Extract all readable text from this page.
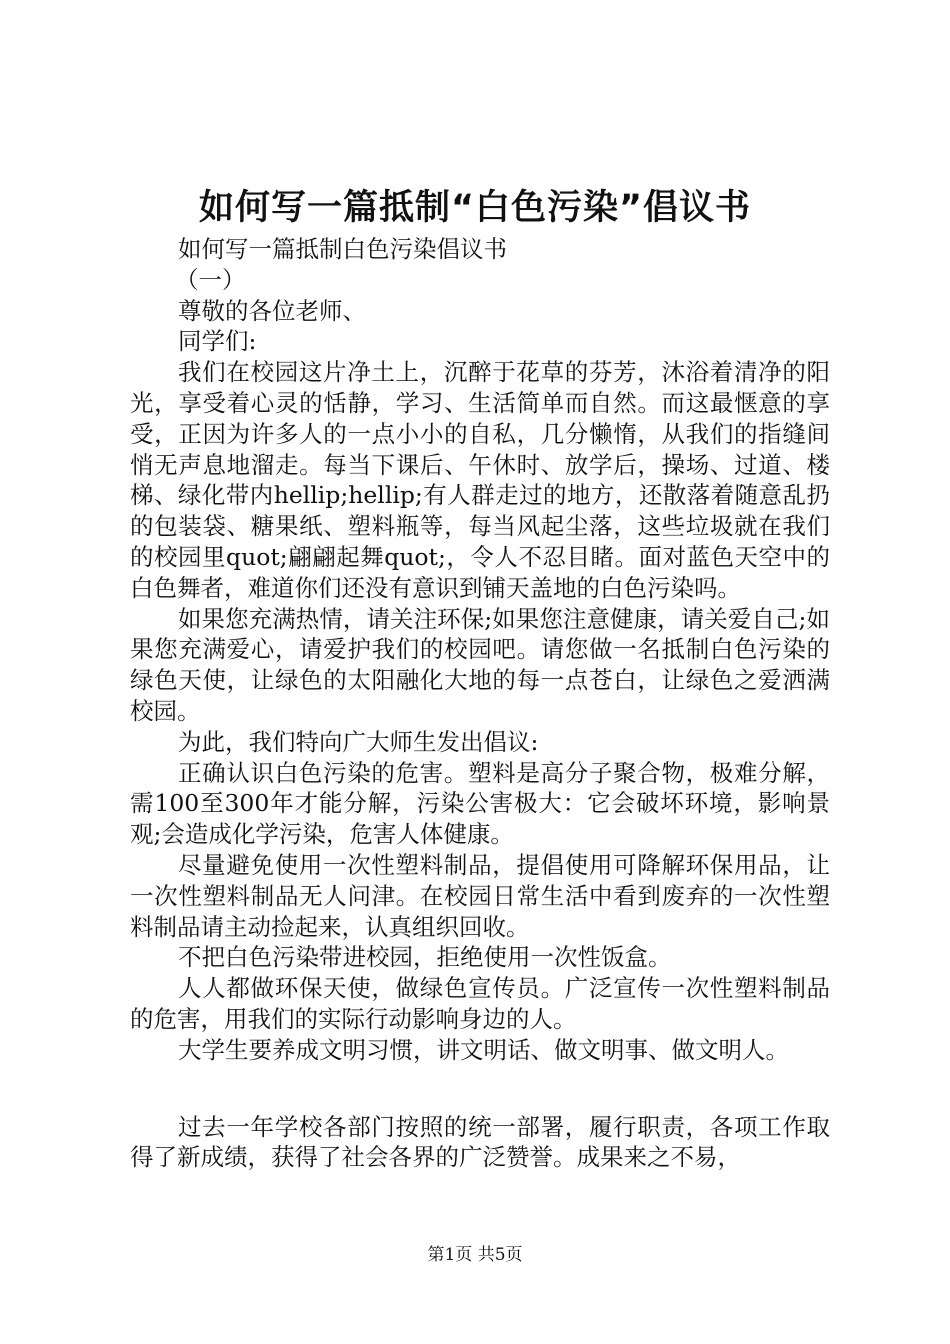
如何写一篇抵制“白色污染”倡议书

如何写一篇抵制白色污染倡议书

（一）

尊敬的各位老师、

同学们:

我们在校园这片净土上，沉醉于花草的芬芳，沐浴着清净的阳光，享受着心灵的恬静，学习、生活简单而自然。而这最惬意的享受，正因为许多人的一点小小的自私，几分懒惰，从我们的指缝间悄无声息地溜走。每当下课后、午休时、放学后，操场、过道、楼梯、绿化带内hellip;hellip;有人群走过的地方，还散落着随意乱扔的包装袋、糖果纸、塑料瓶等，每当风起尘落，这些垃圾就在我们的校园里quot;翩翩起舞quot;，令人不忍目睹。面对蓝色天空中的白色舞者，难道你们还没有意识到铺天盖地的白色污染吗。

如果您充满热情，请关注环保;如果您注意健康，请关爱自己;如果您充满爱心，请爱护我们的校园吧。请您做一名抵制白色污染的绿色天使，让绿色的太阳融化大地的每一点苍白，让绿色之爱洒满校园。

为此，我们特向广大师生发出倡议:

正确认识白色污染的危害。塑料是高分子聚合物，极难分解，需100至300年才能分解，污染公害极大：它会破坏环境，影响景观;会造成化学污染，危害人体健康。

尽量避免使用一次性塑料制品，提倡使用可降解环保用品，让一次性塑料制品无人问津。在校园日常生活中看到废弃的一次性塑料制品请主动捡起来，认真组织回收。

不把白色污染带进校园，拒绝使用一次性饭盒。

人人都做环保天使，做绿色宣传员。广泛宣传一次性塑料制品的危害，用我们的实际行动影响身边的人。

大学生要养成文明习惯，讲文明话、做文明事、做文明人。

过去一年学校各部门按照的统一部署，履行职责，各项工作取得了新成绩，获得了社会各界的广泛赞誉。成果来之不易，

第1页 共5页
